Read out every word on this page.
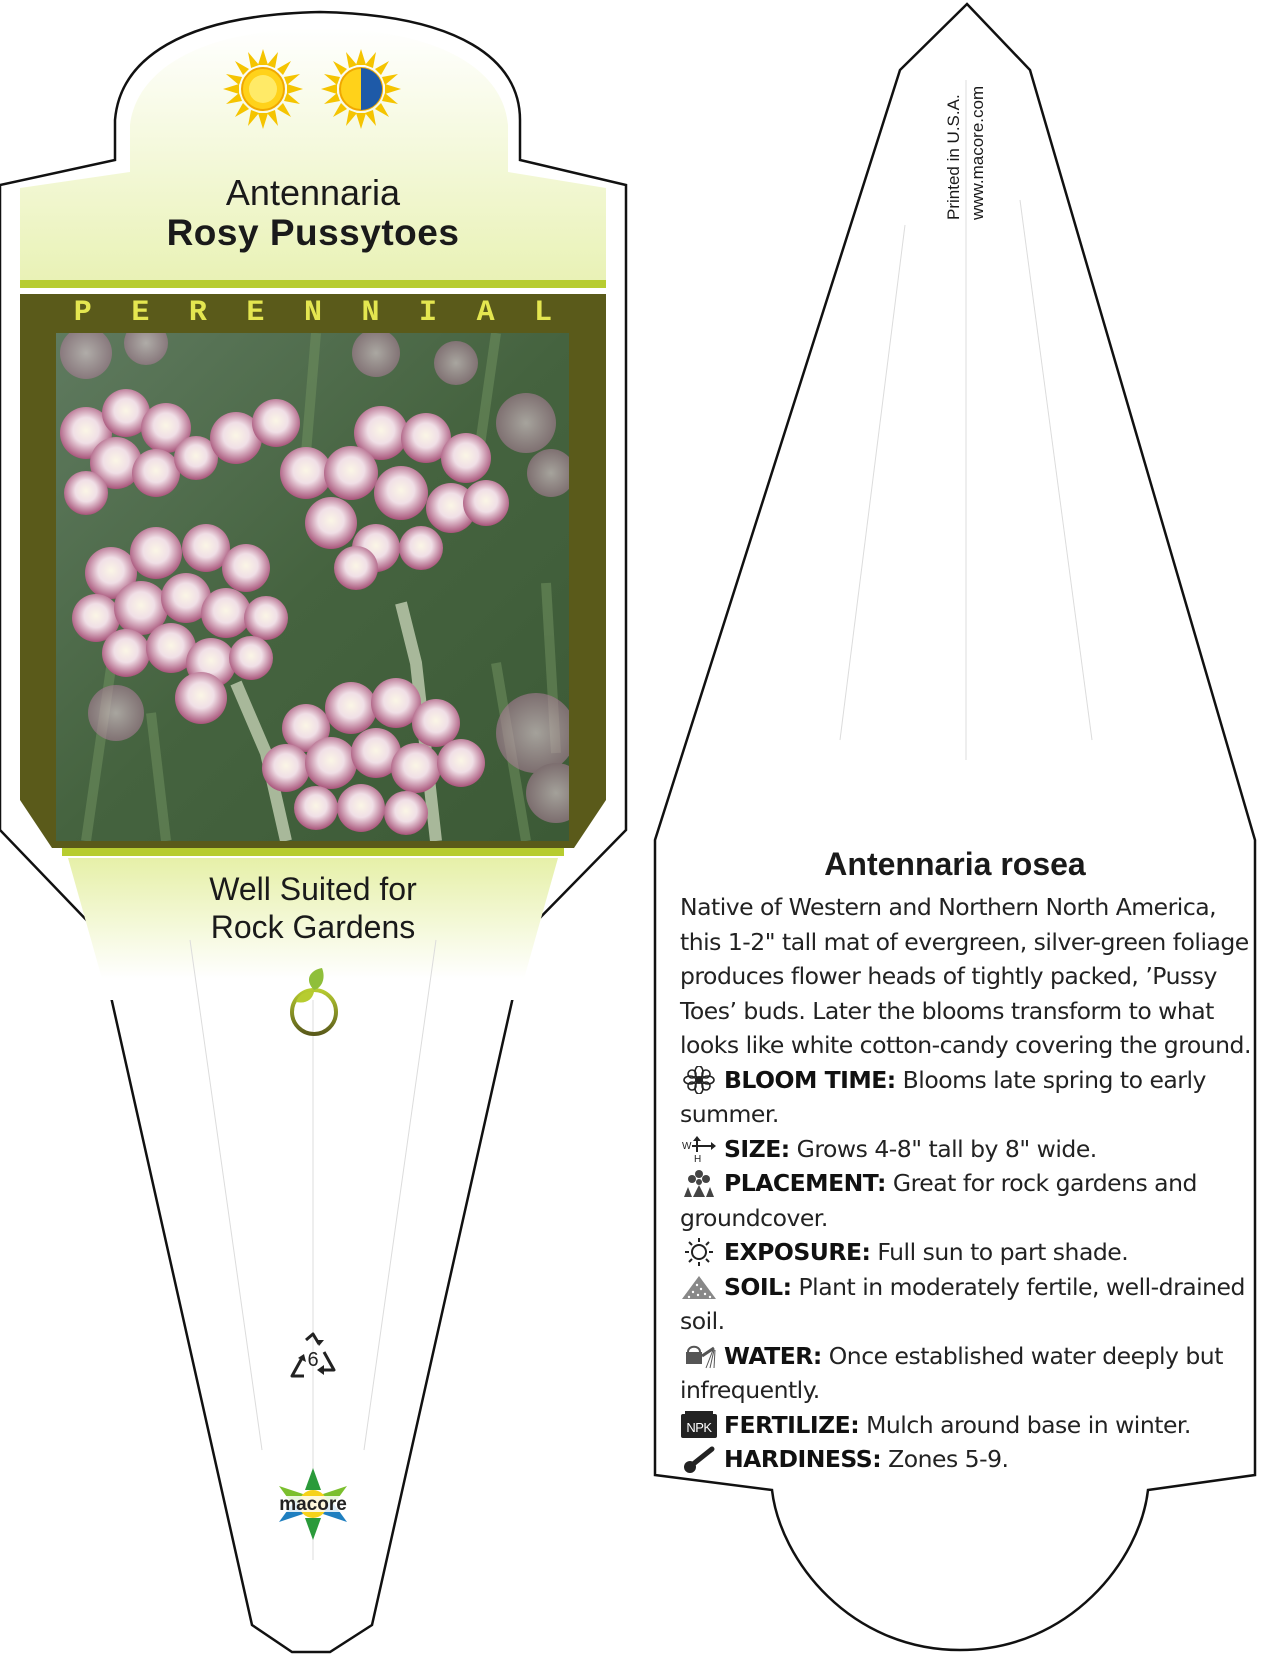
Antennaria
Rosy Pussytoes
P E R E N N I A L
Well Suited for
Rock Gardens
6
macore
Printed in U.S.A. www.macore.com
Antennaria rosea

Native of Western and Northern North America, this 1-2" tall mat of evergreen, silver-green foliage produces flower heads of tightly packed, ’Pussy Toes’ buds. Later the blooms transform to what looks like white cotton-candy covering the ground.

BLOOM TIME: Blooms late spring to early summer.

W
H SIZE: Grows 4-8" tall by 8" wide.

PLACEMENT: Great for rock gardens and groundcover.

EXPOSURE: Full sun to part shade.

SOIL: Plant in moderately fertile, well-drained soil.

WATER: Once established water deeply but infrequently.

NPK FERTILIZE: Mulch around base in winter.

HARDINESS: Zones 5-9.
